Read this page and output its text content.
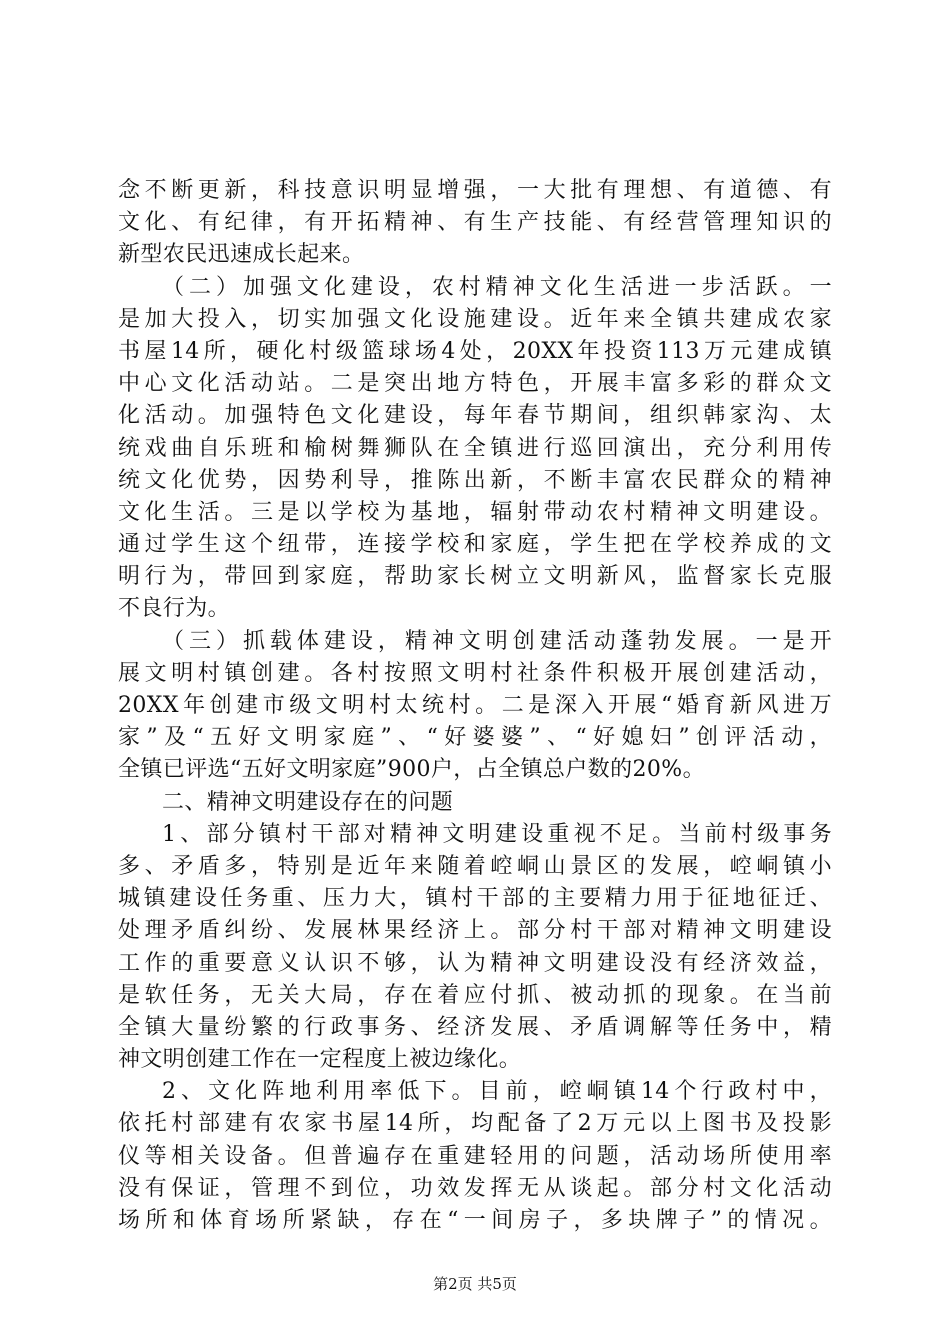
念不断更新，科技意识明显增强，一大批有理想、有道德、有
文化、有纪律，有开拓精神、有生产技能、有经营管理知识的
新型农民迅速成长起来。
（二）加强文化建设，农村精神文化生活进一步活跃。一
是加大投入，切实加强文化设施建设。近年来全镇共建成农家
书屋14所，硬化村级篮球场4处，20XX年投资113万元建成镇
中心文化活动站。二是突出地方特色，开展丰富多彩的群众文
化活动。加强特色文化建设，每年春节期间，组织韩家沟、太
统戏曲自乐班和榆树舞狮队在全镇进行巡回演出，充分利用传
统文化优势，因势利导，推陈出新，不断丰富农民群众的精神
文化生活。三是以学校为基地，辐射带动农村精神文明建设。
通过学生这个纽带，连接学校和家庭，学生把在学校养成的文
明行为，带回到家庭，帮助家长树立文明新风，监督家长克服
不良行为。
（三）抓载体建设，精神文明创建活动蓬勃发展。一是开
展文明村镇创建。各村按照文明村社条件积极开展创建活动，
20XX年创建市级文明村太统村。二是深入开展“婚育新风进万
家”及“五好文明家庭”、“好婆婆”、“好媳妇”创评活动，
全镇已评选“五好文明家庭”900户，占全镇总户数的20%。
二、精神文明建设存在的问题
1、部分镇村干部对精神文明建设重视不足。当前村级事务
多、矛盾多，特别是近年来随着崆峒山景区的发展，崆峒镇小
城镇建设任务重、压力大，镇村干部的主要精力用于征地征迁、
处理矛盾纠纷、发展林果经济上。部分村干部对精神文明建设
工作的重要意义认识不够，认为精神文明建设没有经济效益，
是软任务，无关大局，存在着应付抓、被动抓的现象。在当前
全镇大量纷繁的行政事务、经济发展、矛盾调解等任务中，精
神文明创建工作在一定程度上被边缘化。
2、文化阵地利用率低下。目前，崆峒镇14个行政村中，
依托村部建有农家书屋14所，均配备了2万元以上图书及投影
仪等相关设备。但普遍存在重建轻用的问题，活动场所使用率
没有保证，管理不到位，功效发挥无从谈起。部分村文化活动
场所和体育场所紧缺，存在“一间房子，多块牌子”的情况。
第2页 共5页
